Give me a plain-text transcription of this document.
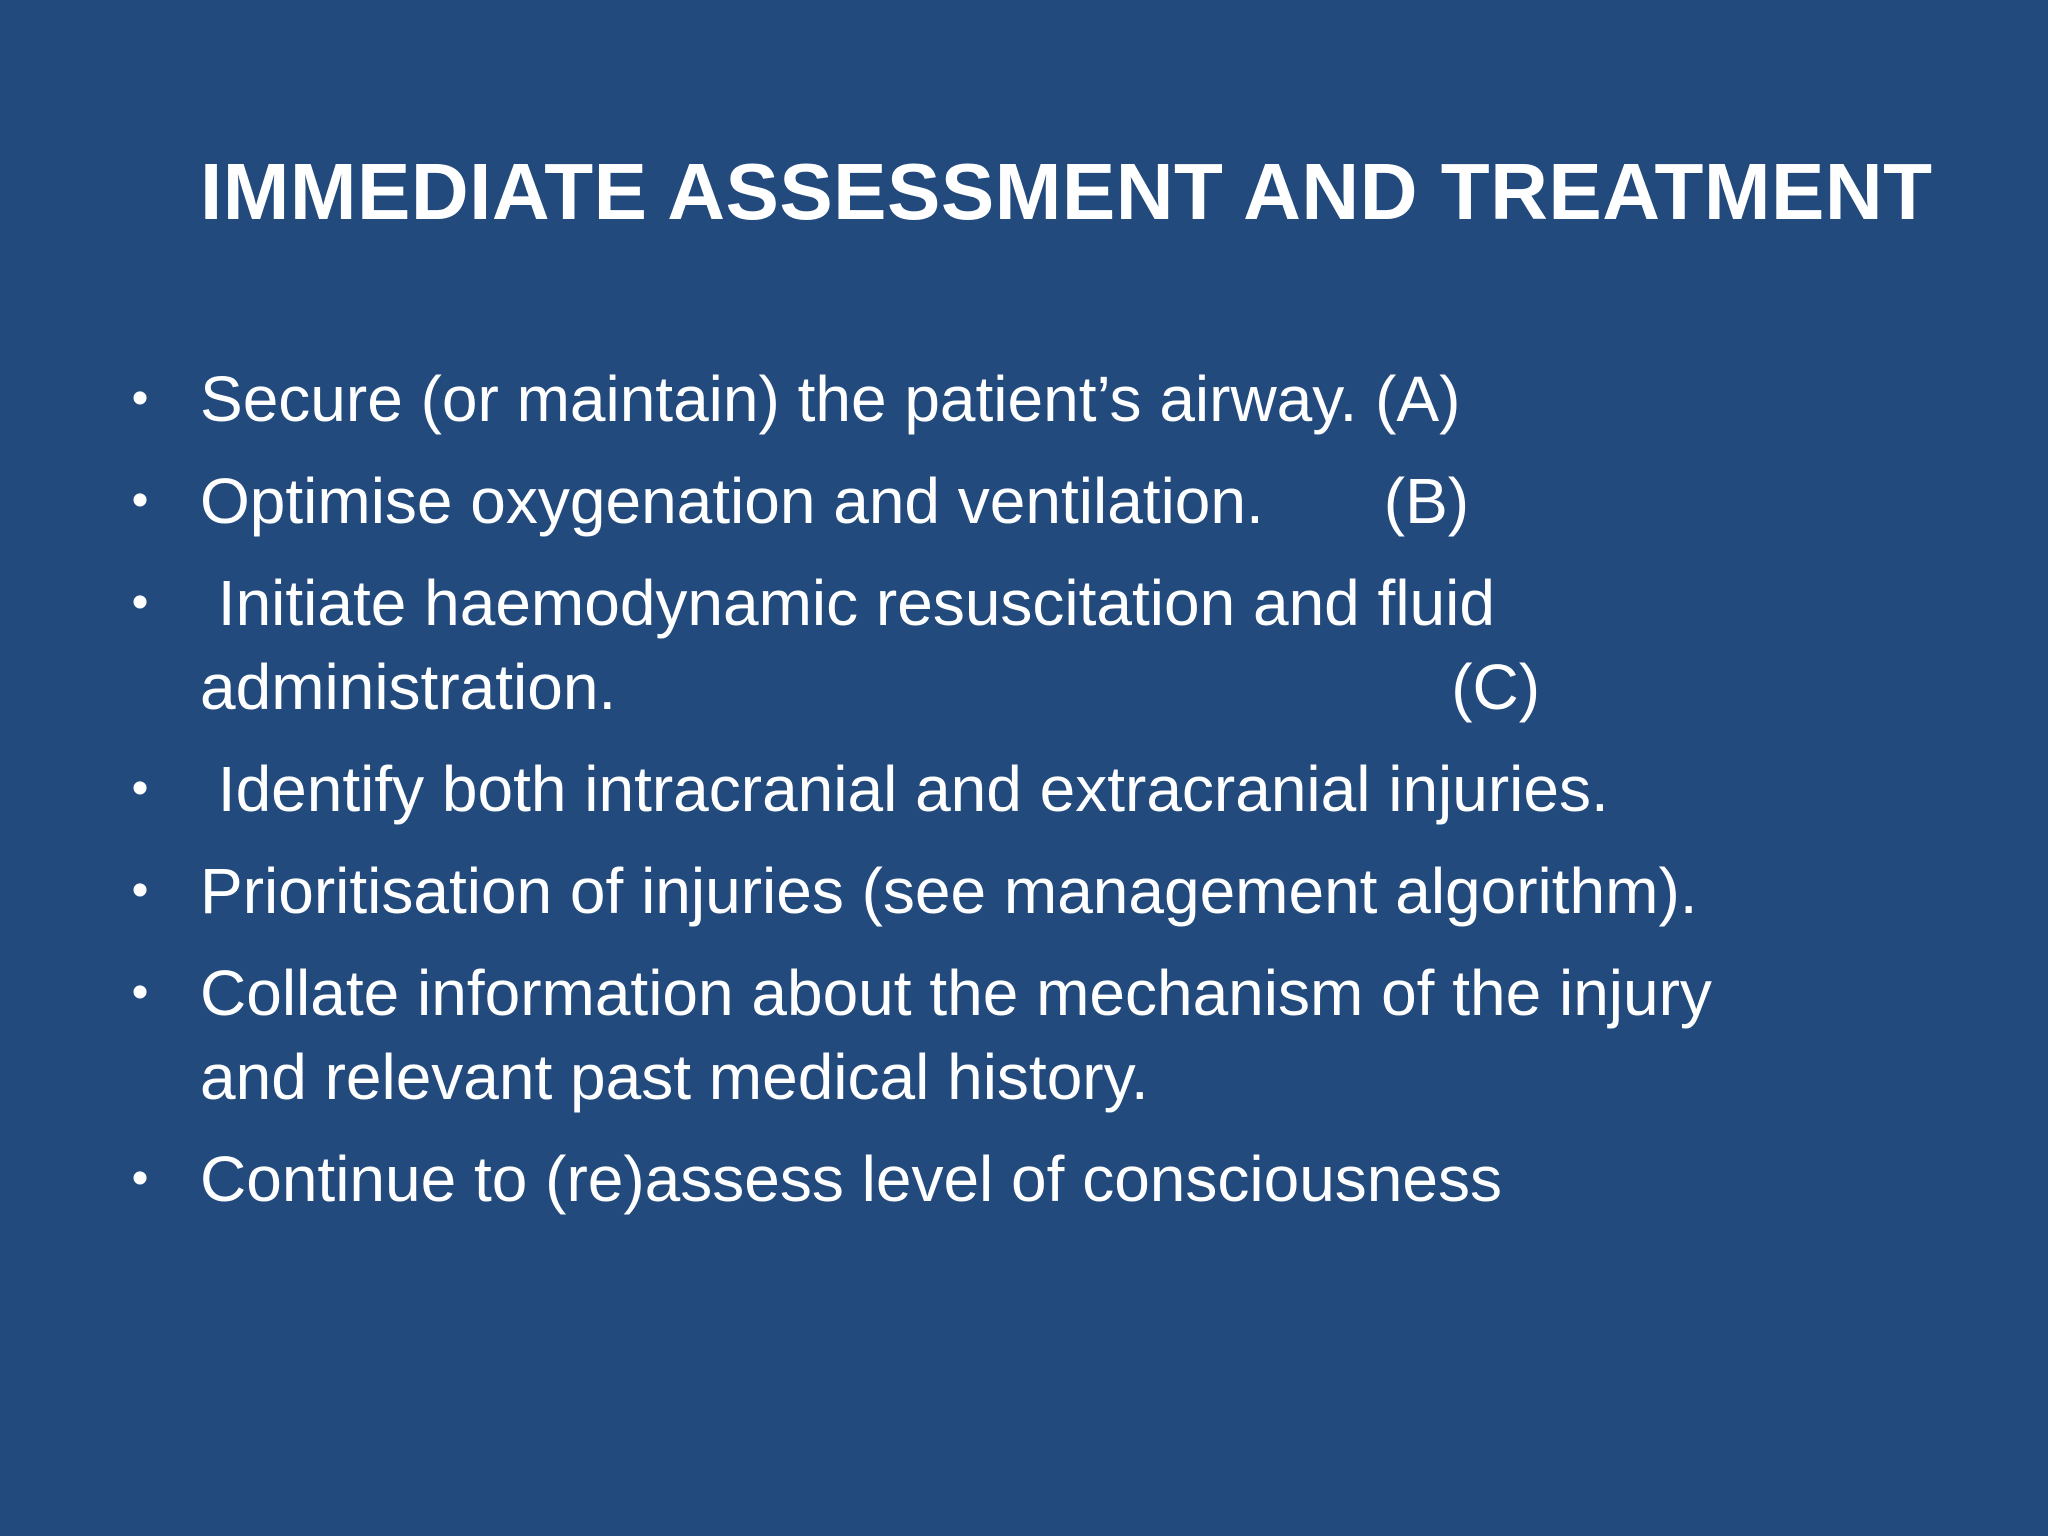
IMMEDIATE ASSESSMENT AND TREATMENT
• Secure (or maintain) the patient’s airway. (A)
• Optimise oxygenation and ventilation. (B)
• Initiate haemodynamic resuscitation and fluid
administration.	(C)
• Identify both intracranial and extracranial injuries.
• Prioritisation of injuries (see management algorithm).
• Collate information about the mechanism of the injury
and relevant past medical history.
• Continue to (re)assess level of consciousness
